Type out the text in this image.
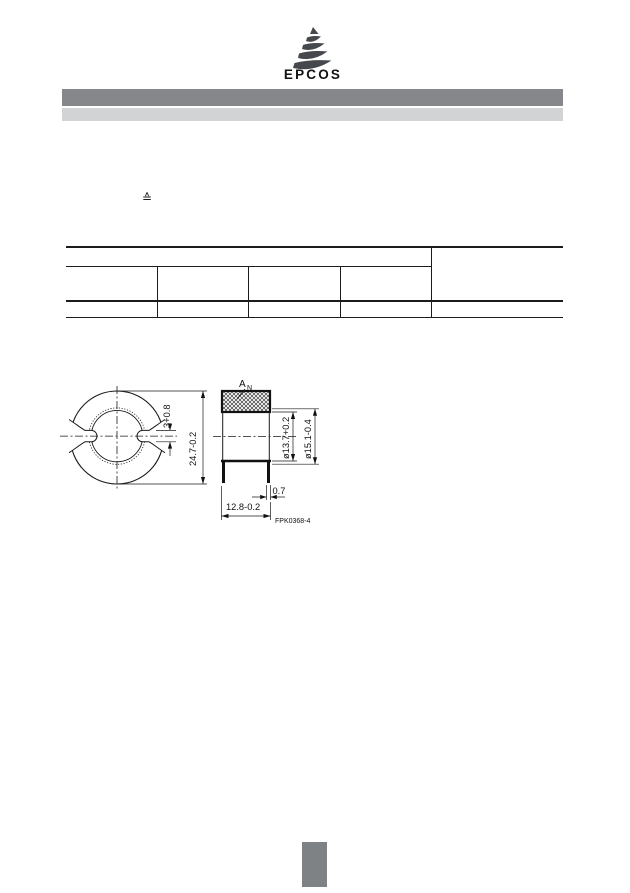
EPCOS
≙
3+0.8
24.7-0.2
A N
ø13.7+0.2 ø15.1-0.4
0.7
12.8-0.2
FPK0368-4
